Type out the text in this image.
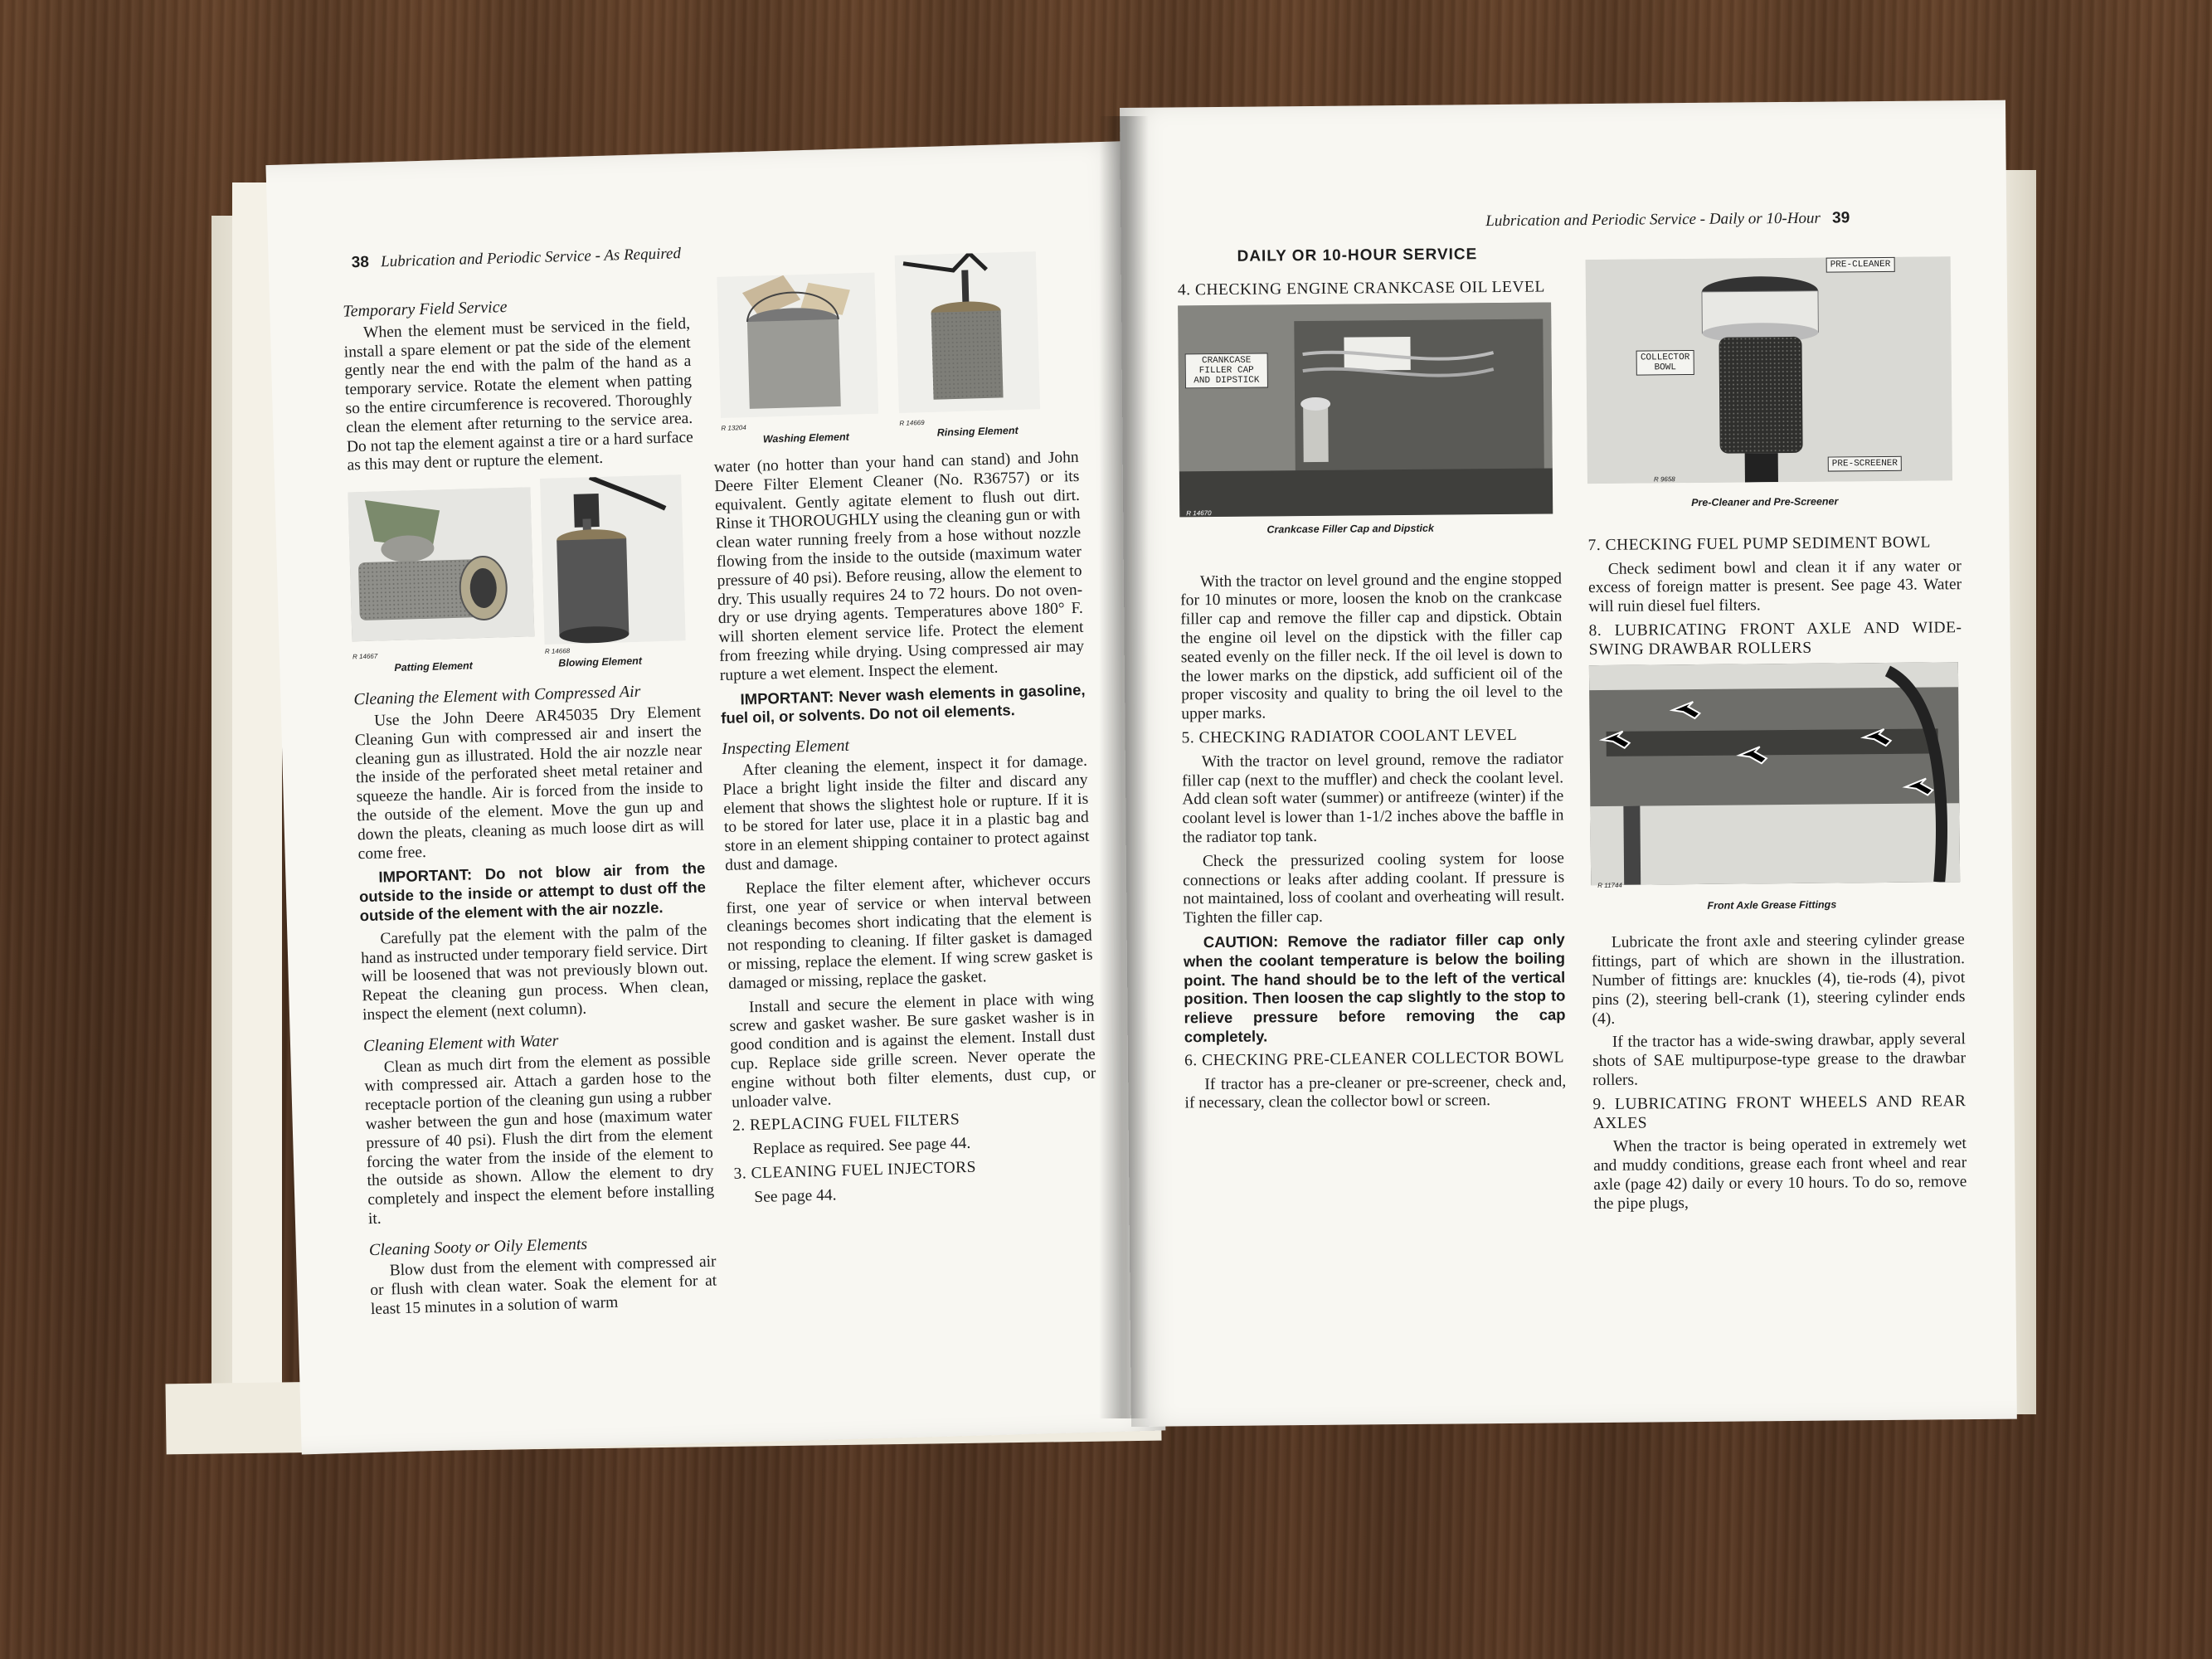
38 Lubrication and Periodic Service - As Required
Temporary Field Service

When the element must be serviced in the field, install a spare element or pat the side of the element gently near the end with the palm of the hand as a temporary service. Rotate the element when patting so the entire circumference is recovered. Thoroughly clean the element after returning to the service area. Do not tap the element against a tire or a hard surface as this may dent or rupture the element.

R 14667
R 14668
Patting Element	Blowing Element
Cleaning the Element with Compressed Air

Use the John Deere AR45035 Dry Element Cleaning Gun with compressed air and insert the cleaning gun as illustrated. Hold the air nozzle near the inside of the perforated sheet metal retainer and squeeze the handle. Air is forced from the inside to the outside of the element. Move the gun up and down the pleats, cleaning as much loose dirt as will come free.

IMPORTANT: Do not blow air from the outside to the inside or attempt to dust off the outside of the element with the air nozzle.

Carefully pat the element with the palm of the hand as instructed under temporary field service. Dirt will be loosened that was not previously blown out. Repeat the cleaning gun process. When clean, inspect the element (next column).

Cleaning Element with Water

Clean as much dirt from the element as possible with compressed air. Attach a garden hose to the receptacle portion of the cleaning gun using a rubber washer between the gun and hose (maximum water pressure of 40 psi). Flush the dirt from the element forcing the water from the inside of the element to the outside as shown. Allow the element to dry completely and inspect the element before installing it.

Cleaning Sooty or Oily Elements

Blow dust from the element with compressed air or flush with clean water. Soak the element for at least 15 minutes in a solution of warm

R 13204
R 14669
Washing Element	Rinsing Element

water (no hotter than your hand can stand) and John Deere Filter Element Cleaner (No. R36757) or its equivalent. Gently agitate element to flush out dirt. Rinse it THOROUGHLY using the cleaning gun or with clean water running freely from a hose without nozzle flowing from the inside to the outside (maximum water pressure of 40 psi). Before reusing, allow the element to dry. This usually requires 24 to 72 hours. Do not oven-dry or use drying agents. Temperatures above 180° F. will shorten element service life. Protect the element from freezing while drying. Using compressed air may rupture a wet element. Inspect the element.

IMPORTANT: Never wash elements in gasoline, fuel oil, or solvents. Do not oil elements.

Inspecting Element

After cleaning the element, inspect it for damage. Place a bright light inside the filter and discard any element that shows the slightest hole or rupture. If it is to be stored for later use, place it in a plastic bag and store in an element shipping container to protect against dust and damage.

Replace the filter element after, whichever occurs first, one year of service or when interval between cleanings becomes short indicating that the element is not responding to cleaning. If filter gasket is damaged or missing, replace the element. If wing screw gasket is damaged or missing, replace the gasket.

Install and secure the element in place with wing screw and gasket washer. Be sure gasket washer is in good condition and is against the element. Install dust cup. Replace side grille screen. Never operate the engine without both filter elements, dust cup, or unloader valve.

2. REPLACING FUEL FILTERS

Replace as required. See page 44.

3. CLEANING FUEL INJECTORS

See page 44.

Lubrication and Periodic Service - Daily or 10-Hour 39
DAILY OR 10-HOUR SERVICE

4. CHECKING ENGINE CRANKCASE OIL LEVEL

CRANKCASE FILLER CAP AND DIPSTICK
R 14670
Crankcase Filler Cap and Dipstick

With the tractor on level ground and the engine stopped for 10 minutes or more, loosen the knob on the crankcase filler cap and remove the filler cap and dipstick. Obtain the engine oil level on the dipstick with the filler cap seated evenly on the filler neck. If the oil level is down to the lower marks on the dipstick, add sufficient oil of the proper viscosity and quality to bring the oil level to the upper marks.

5. CHECKING RADIATOR COOLANT LEVEL

With the tractor on level ground, remove the radiator filler cap (next to the muffler) and check the coolant level. Add clean soft water (summer) or antifreeze (winter) if the coolant level is lower than 1-1/2 inches above the baffle in the radiator top tank.

Check the pressurized cooling system for loose connections or leaks after adding coolant. If pressure is not maintained, loss of coolant and overheating will result. Tighten the filler cap.

CAUTION: Remove the radiator filler cap only when the coolant temperature is below the boiling point. The hand should be to the left of the vertical position. Then loosen the cap slightly to the stop to relieve pressure before removing the cap completely.

6. CHECKING PRE-CLEANER COLLECTOR BOWL

If tractor has a pre-cleaner or pre-screener, check and, if necessary, clean the collector bowl or screen.

PRE-CLEANER
COLLECTOR BOWL
PRE-SCREENER
R 9658
Pre-Cleaner and Pre-Screener

7. CHECKING FUEL PUMP SEDIMENT BOWL

Check sediment bowl and clean it if any water or excess of foreign matter is present. See page 43. Water will ruin diesel fuel filters.

8. LUBRICATING FRONT AXLE AND WIDE-SWING DRAWBAR ROLLERS

R 11744
Front Axle Grease Fittings

Lubricate the front axle and steering cylinder grease fittings, part of which are shown in the illustration. Number of fittings are: knuckles (4), tie-rods (4), pivot pins (2), steering bell-crank (1), steering cylinder ends (4).

If the tractor has a wide-swing drawbar, apply several shots of SAE multipurpose-type grease to the drawbar rollers.

9. LUBRICATING FRONT WHEELS AND REAR AXLES

When the tractor is being operated in extremely wet and muddy conditions, grease each front wheel and rear axle (page 42) daily or every 10 hours. To do so, remove the pipe plugs,
